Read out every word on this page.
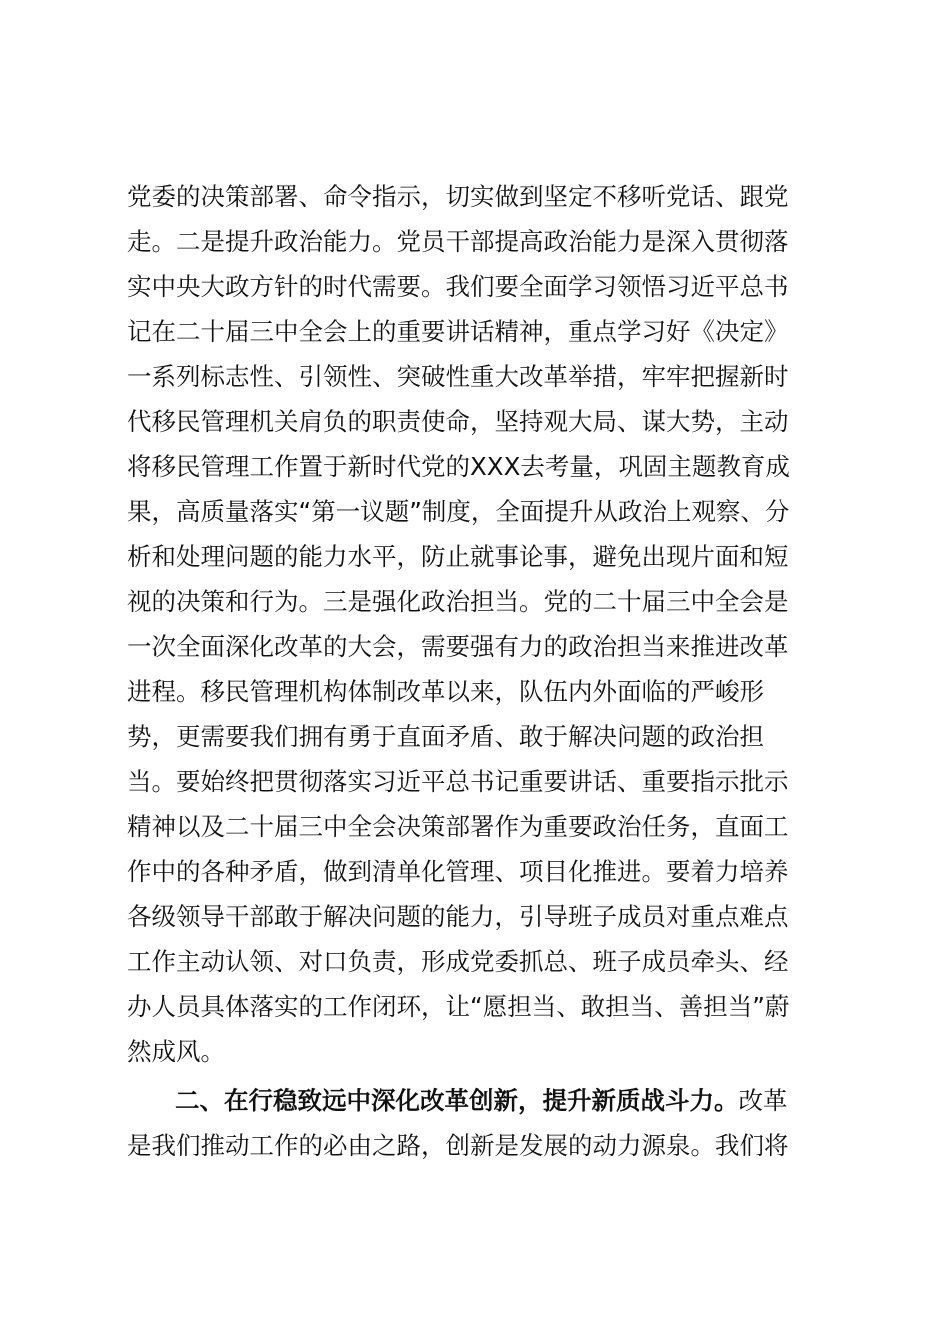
党委的决策部署、命令指示，切实做到坚定不移听党话、跟党
走。二是提升政治能力。党员干部提高政治能力是深入贯彻落
实中央大政方针的时代需要。我们要全面学习领悟习近平总书
记在二十届三中全会上的重要讲话精神，重点学习好《决定》
一系列标志性、引领性、突破性重大改革举措，牢牢把握新时
代移民管理机关肩负的职责使命，坚持观大局、谋大势，主动
将移民管理工作置于新时代党的XXX去考量，巩固主题教育成
果，高质量落实“第一议题”制度，全面提升从政治上观察、分
析和处理问题的能力水平，防止就事论事，避免出现片面和短
视的决策和行为。三是强化政治担当。党的二十届三中全会是
一次全面深化改革的大会，需要强有力的政治担当来推进改革
进程。移民管理机构体制改革以来，队伍内外面临的严峻形
势，更需要我们拥有勇于直面矛盾、敢于解决问题的政治担
当。要始终把贯彻落实习近平总书记重要讲话、重要指示批示
精神以及二十届三中全会决策部署作为重要政治任务，直面工
作中的各种矛盾，做到清单化管理、项目化推进。要着力培养
各级领导干部敢于解决问题的能力，引导班子成员对重点难点
工作主动认领、对口负责，形成党委抓总、班子成员牵头、经
办人员具体落实的工作闭环，让“愿担当、敢担当、善担当”蔚
然成风。
二、在行稳致远中深化改革创新，提升新质战斗力。改革
是我们推动工作的必由之路，创新是发展的动力源泉。我们将
